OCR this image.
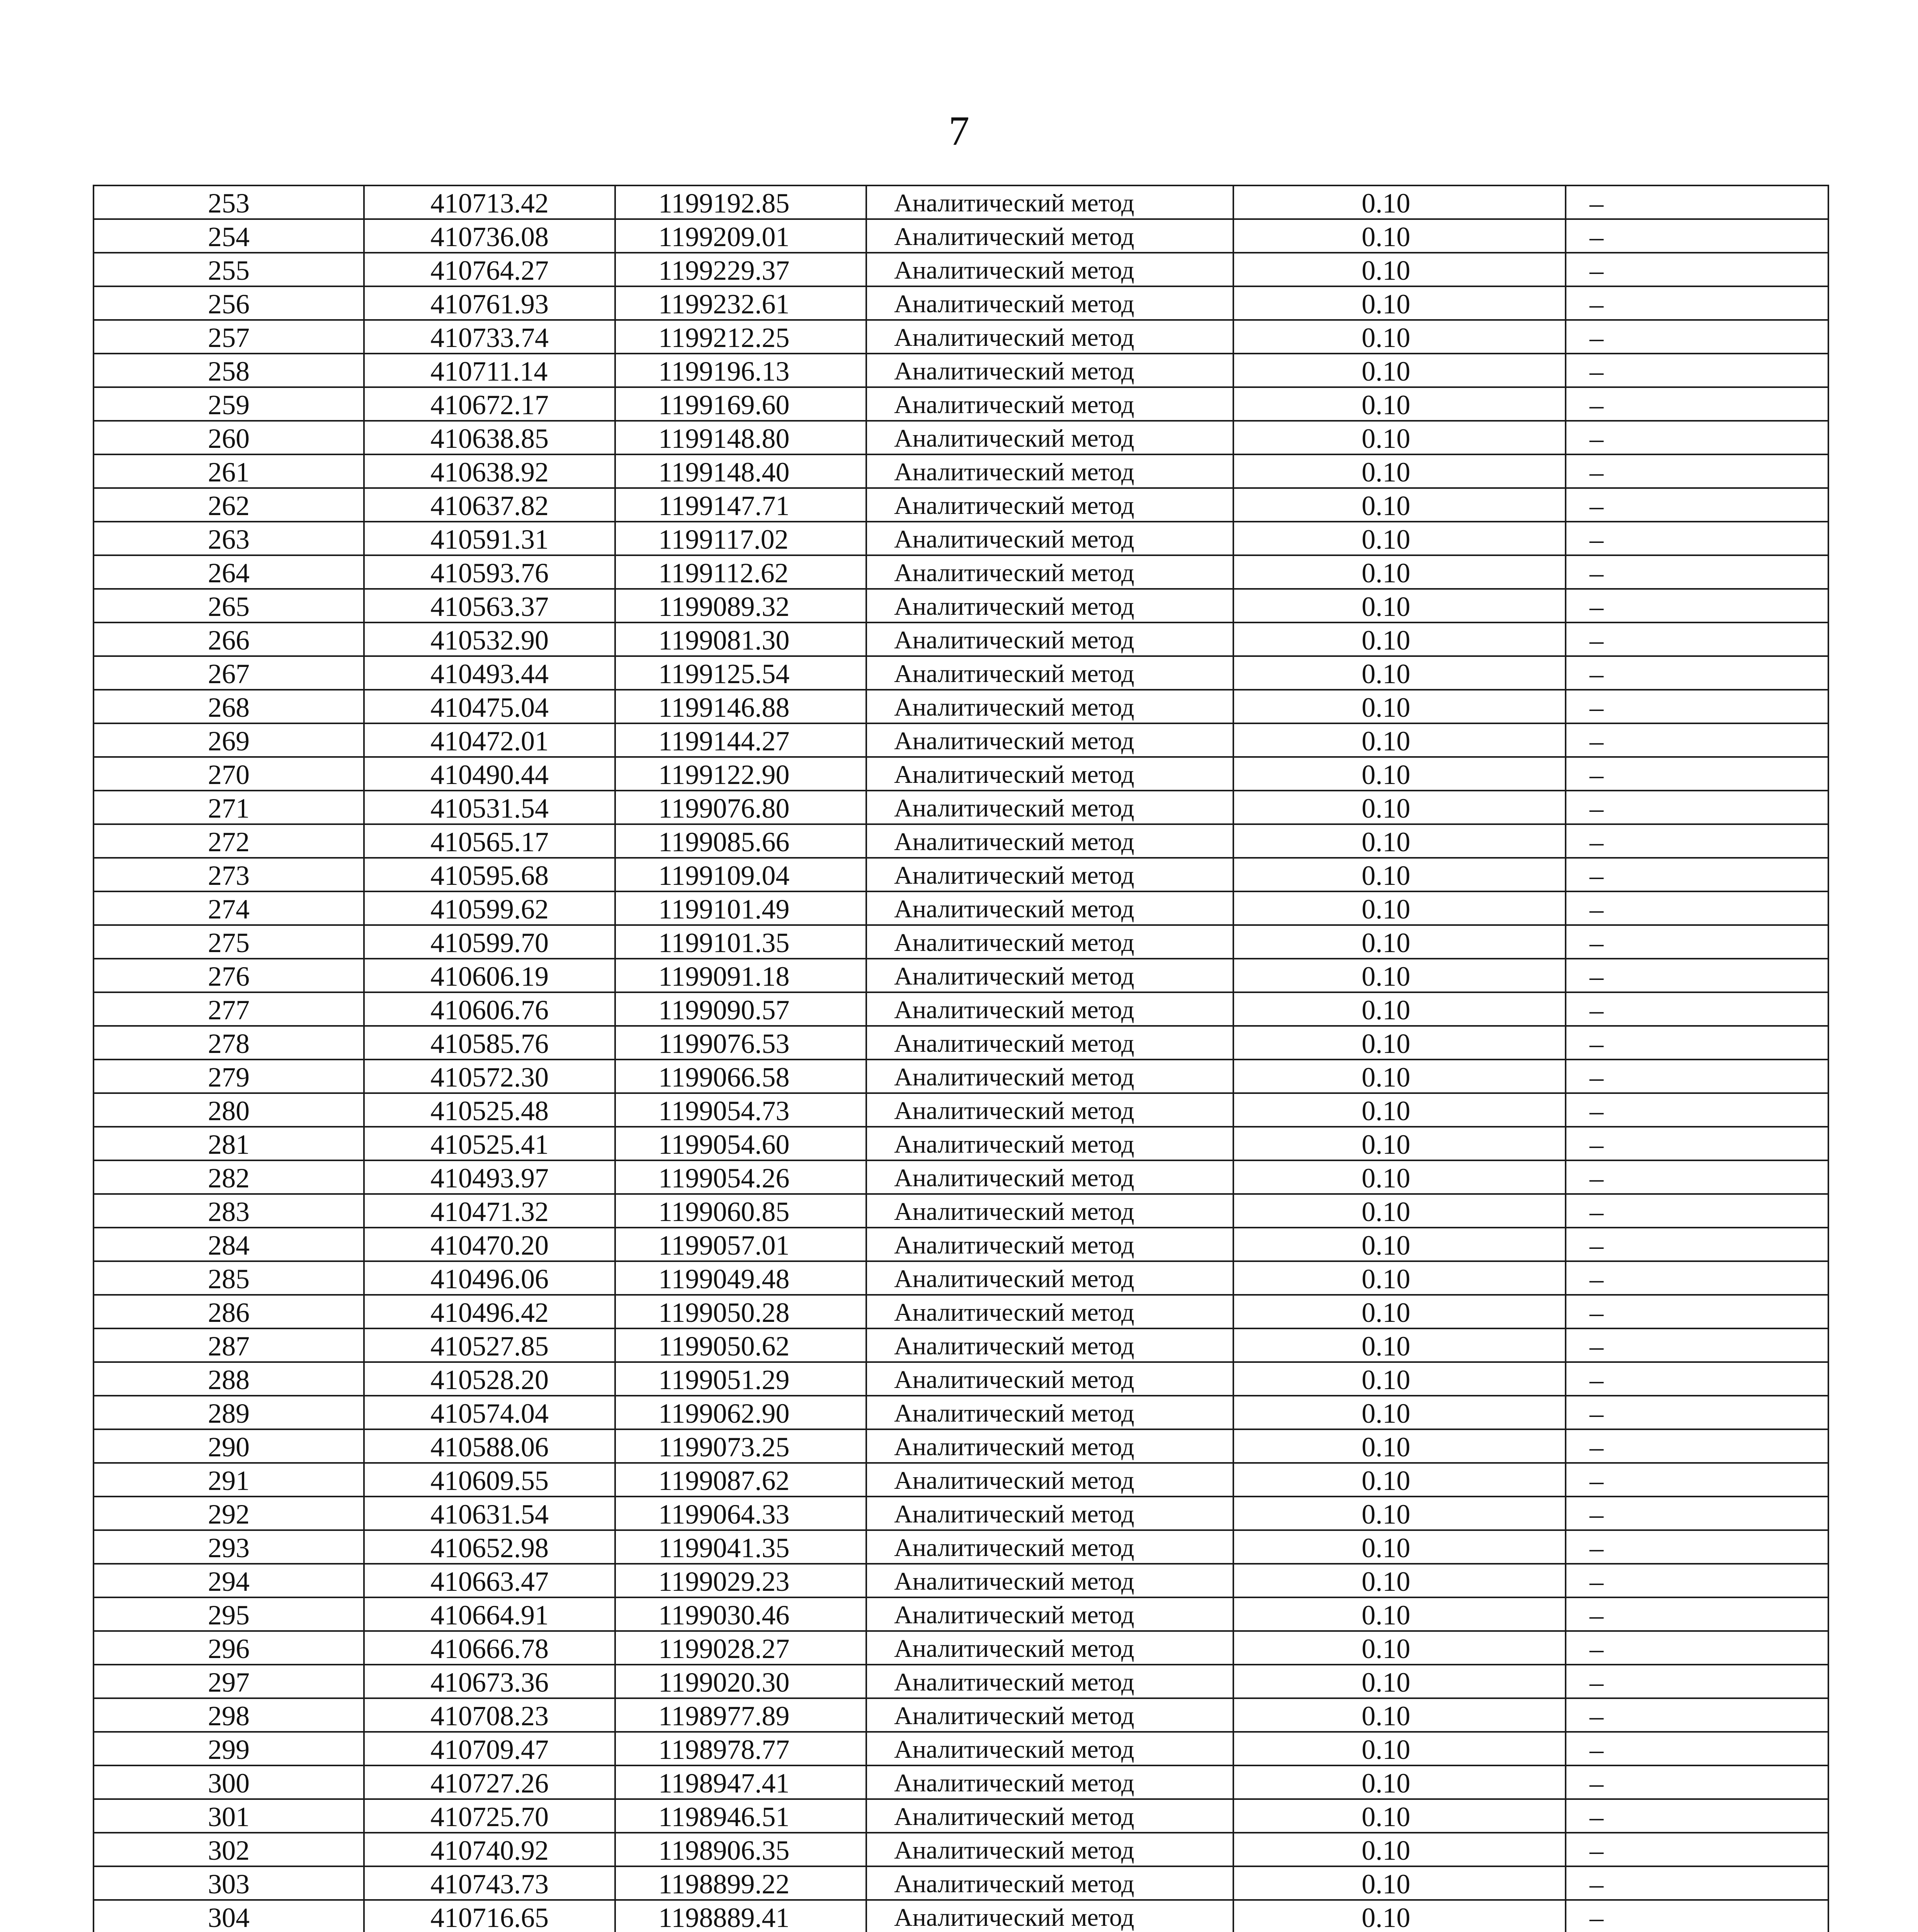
7
253	410713.42	1199192.85	Аналитический метод	0.10	–
254	410736.08	1199209.01	Аналитический метод	0.10	–
255	410764.27	1199229.37	Аналитический метод	0.10	–
256	410761.93	1199232.61	Аналитический метод	0.10	–
257	410733.74	1199212.25	Аналитический метод	0.10	–
258	410711.14	1199196.13	Аналитический метод	0.10	–
259	410672.17	1199169.60	Аналитический метод	0.10	–
260	410638.85	1199148.80	Аналитический метод	0.10	–
261	410638.92	1199148.40	Аналитический метод	0.10	–
262	410637.82	1199147.71	Аналитический метод	0.10	–
263	410591.31	1199117.02	Аналитический метод	0.10	–
264	410593.76	1199112.62	Аналитический метод	0.10	–
265	410563.37	1199089.32	Аналитический метод	0.10	–
266	410532.90	1199081.30	Аналитический метод	0.10	–
267	410493.44	1199125.54	Аналитический метод	0.10	–
268	410475.04	1199146.88	Аналитический метод	0.10	–
269	410472.01	1199144.27	Аналитический метод	0.10	–
270	410490.44	1199122.90	Аналитический метод	0.10	–
271	410531.54	1199076.80	Аналитический метод	0.10	–
272	410565.17	1199085.66	Аналитический метод	0.10	–
273	410595.68	1199109.04	Аналитический метод	0.10	–
274	410599.62	1199101.49	Аналитический метод	0.10	–
275	410599.70	1199101.35	Аналитический метод	0.10	–
276	410606.19	1199091.18	Аналитический метод	0.10	–
277	410606.76	1199090.57	Аналитический метод	0.10	–
278	410585.76	1199076.53	Аналитический метод	0.10	–
279	410572.30	1199066.58	Аналитический метод	0.10	–
280	410525.48	1199054.73	Аналитический метод	0.10	–
281	410525.41	1199054.60	Аналитический метод	0.10	–
282	410493.97	1199054.26	Аналитический метод	0.10	–
283	410471.32	1199060.85	Аналитический метод	0.10	–
284	410470.20	1199057.01	Аналитический метод	0.10	–
285	410496.06	1199049.48	Аналитический метод	0.10	–
286	410496.42	1199050.28	Аналитический метод	0.10	–
287	410527.85	1199050.62	Аналитический метод	0.10	–
288	410528.20	1199051.29	Аналитический метод	0.10	–
289	410574.04	1199062.90	Аналитический метод	0.10	–
290	410588.06	1199073.25	Аналитический метод	0.10	–
291	410609.55	1199087.62	Аналитический метод	0.10	–
292	410631.54	1199064.33	Аналитический метод	0.10	–
293	410652.98	1199041.35	Аналитический метод	0.10	–
294	410663.47	1199029.23	Аналитический метод	0.10	–
295	410664.91	1199030.46	Аналитический метод	0.10	–
296	410666.78	1199028.27	Аналитический метод	0.10	–
297	410673.36	1199020.30	Аналитический метод	0.10	–
298	410708.23	1198977.89	Аналитический метод	0.10	–
299	410709.47	1198978.77	Аналитический метод	0.10	–
300	410727.26	1198947.41	Аналитический метод	0.10	–
301	410725.70	1198946.51	Аналитический метод	0.10	–
302	410740.92	1198906.35	Аналитический метод	0.10	–
303	410743.73	1198899.22	Аналитический метод	0.10	–
304	410716.65	1198889.41	Аналитический метод	0.10	–
